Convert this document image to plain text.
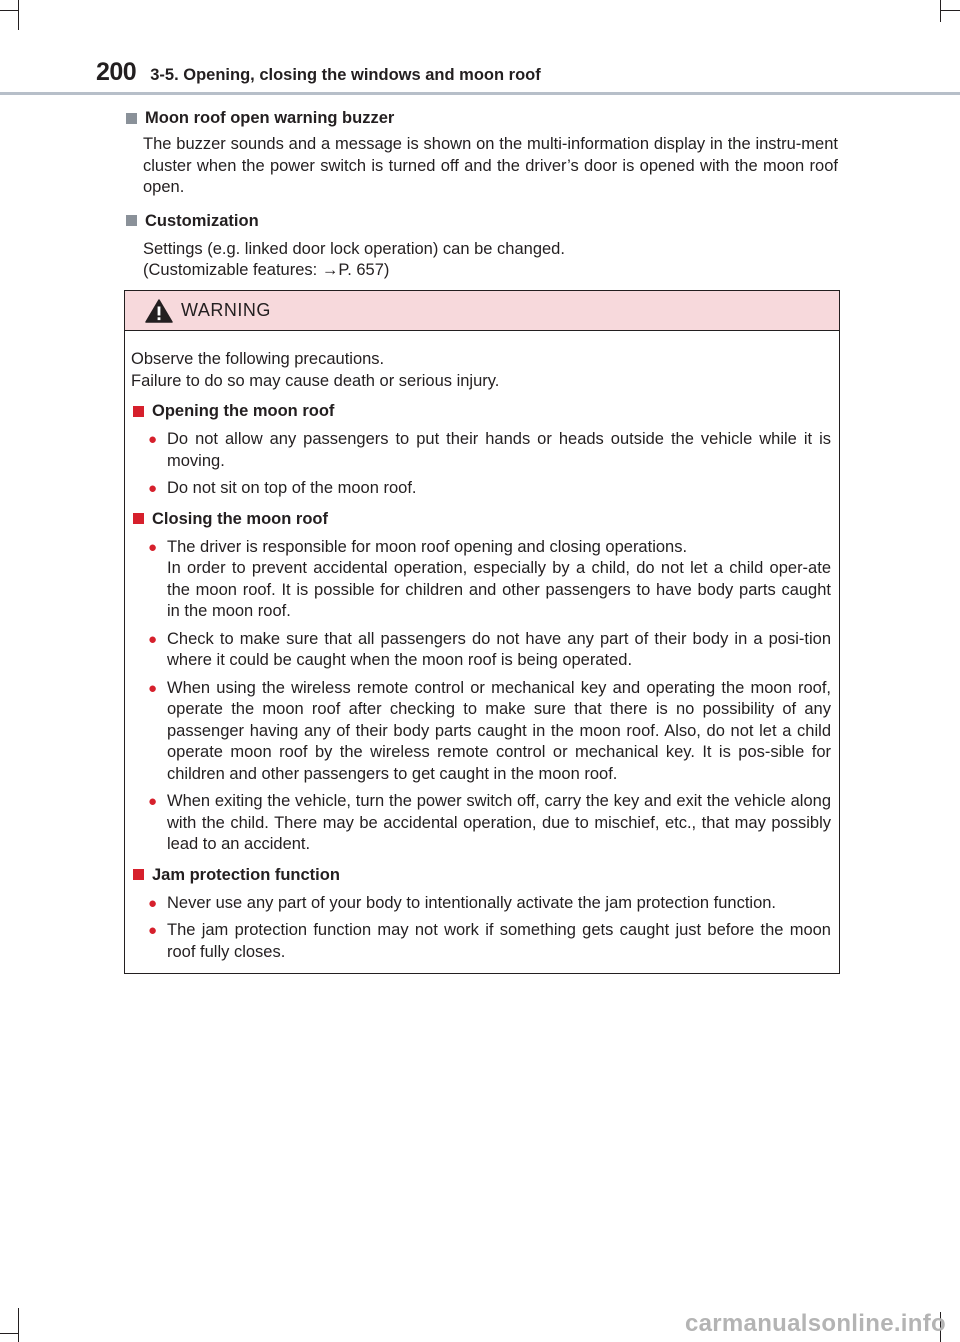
200 3-5. Opening, closing the windows and moon roof
Moon roof open warning buzzer
The buzzer sounds and a message is shown on the multi-information display in the instru-ment cluster when the power switch is turned off and the driver’s door is opened with the moon roof open.
Customization
Settings (e.g. linked door lock operation) can be changed.
(Customizable features: →P. 657)
WARNING
Observe the following precautions.
Failure to do so may cause death or serious injury.
Opening the moon roof
● Do not allow any passengers to put their hands or heads outside the vehicle while it is moving.
● Do not sit on top of the moon roof.
Closing the moon roof
● The driver is responsible for moon roof opening and closing operations.
In order to prevent accidental operation, especially by a child, do not let a child oper-ate the moon roof. It is possible for children and other passengers to have body parts caught in the moon roof.
● Check to make sure that all passengers do not have any part of their body in a posi-tion where it could be caught when the moon roof is being operated.
● When using the wireless remote control or mechanical key and operating the moon roof, operate the moon roof after checking to make sure that there is no possibility of any passenger having any of their body parts caught in the moon roof. Also, do not let a child operate moon roof by the wireless remote control or mechanical key. It is pos-sible for children and other passengers to get caught in the moon roof.
● When exiting the vehicle, turn the power switch off, carry the key and exit the vehicle along with the child. There may be accidental operation, due to mischief, etc., that may possibly lead to an accident.
Jam protection function
● Never use any part of your body to intentionally activate the jam protection function.
● The jam protection function may not work if something gets caught just before the moon roof fully closes.
carmanualsonline.info
